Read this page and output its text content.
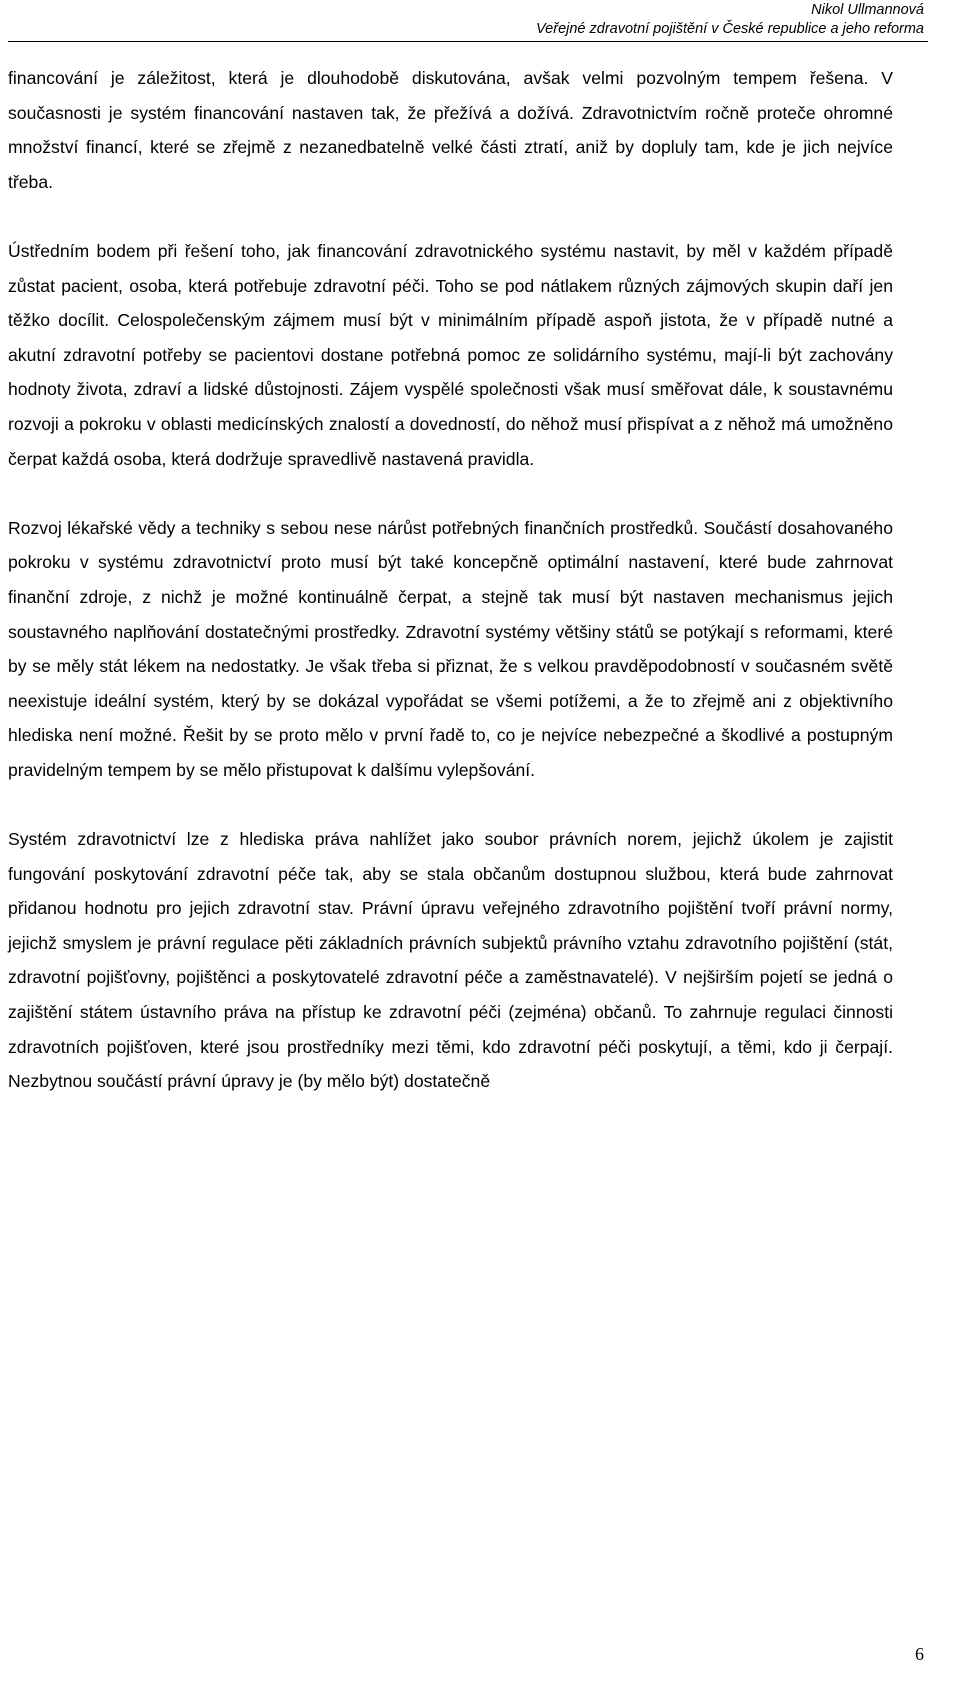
Nikol Ullmannová
Veřejné zdravotní pojištění v České republice a jeho reforma

financování je záležitost, která je dlouhodobě diskutována, avšak velmi pozvolným tempem řešena. V současnosti je systém financování nastaven tak, že přežívá a dožívá. Zdravotnictvím ročně proteče ohromné množství financí, které se zřejmě z nezanedbatelně velké části ztratí, aniž by dopluly tam, kde je jich nejvíce třeba.

Ústředním bodem při řešení toho, jak financování zdravotnického systému nastavit, by měl v každém případě zůstat pacient, osoba, která potřebuje zdravotní péči. Toho se pod nátlakem různých zájmových skupin daří jen těžko docílit. Celospolečenským zájmem musí být v minimálním případě aspoň jistota, že v případě nutné a akutní zdravotní potřeby se pacientovi dostane potřebná pomoc ze solidárního systému, mají-li být zachovány hodnoty života, zdraví a lidské důstojnosti. Zájem vyspělé společnosti však musí směřovat dále, k soustavnému rozvoji a pokroku v oblasti medicínských znalostí a dovedností, do něhož musí přispívat a z něhož má umožněno čerpat každá osoba, která dodržuje spravedlivě nastavená pravidla.

Rozvoj lékařské vědy a techniky s sebou nese nárůst potřebných finančních prostředků. Součástí dosahovaného pokroku v systému zdravotnictví proto musí být také koncepčně optimální nastavení, které bude zahrnovat finanční zdroje, z nichž je možné kontinuálně čerpat, a stejně tak musí být nastaven mechanismus jejich soustavného naplňování dostatečnými prostředky. Zdravotní systémy většiny států se potýkají s reformami, které by se měly stát lékem na nedostatky. Je však třeba si přiznat, že s velkou pravděpodobností v současném světě neexistuje ideální systém, který by se dokázal vypořádat se všemi potížemi, a že to zřejmě ani z objektivního hlediska není možné. Řešit by se proto mělo v první řadě to, co je nejvíce nebezpečné a škodlivé a postupným pravidelným tempem by se mělo přistupovat k dalšímu vylepšování.

Systém zdravotnictví lze z hlediska práva nahlížet jako soubor právních norem, jejichž úkolem je zajistit fungování poskytování zdravotní péče tak, aby se stala občanům dostupnou službou, která bude zahrnovat přidanou hodnotu pro jejich zdravotní stav. Právní úpravu veřejného zdravotního pojištění tvoří právní normy, jejichž smyslem je právní regulace pěti základních právních subjektů právního vztahu zdravotního pojištění (stát, zdravotní pojišťovny, pojištěnci a poskytovatelé zdravotní péče a zaměstnavatelé). V nejširším pojetí se jedná o zajištění státem ústavního práva na přístup ke zdravotní péči (zejména) občanů. To zahrnuje regulaci činnosti zdravotních pojišťoven, které jsou prostředníky mezi těmi, kdo zdravotní péči poskytují, a těmi, kdo ji čerpají. Nezbytnou součástí právní úpravy je (by mělo být) dostatečně

6
